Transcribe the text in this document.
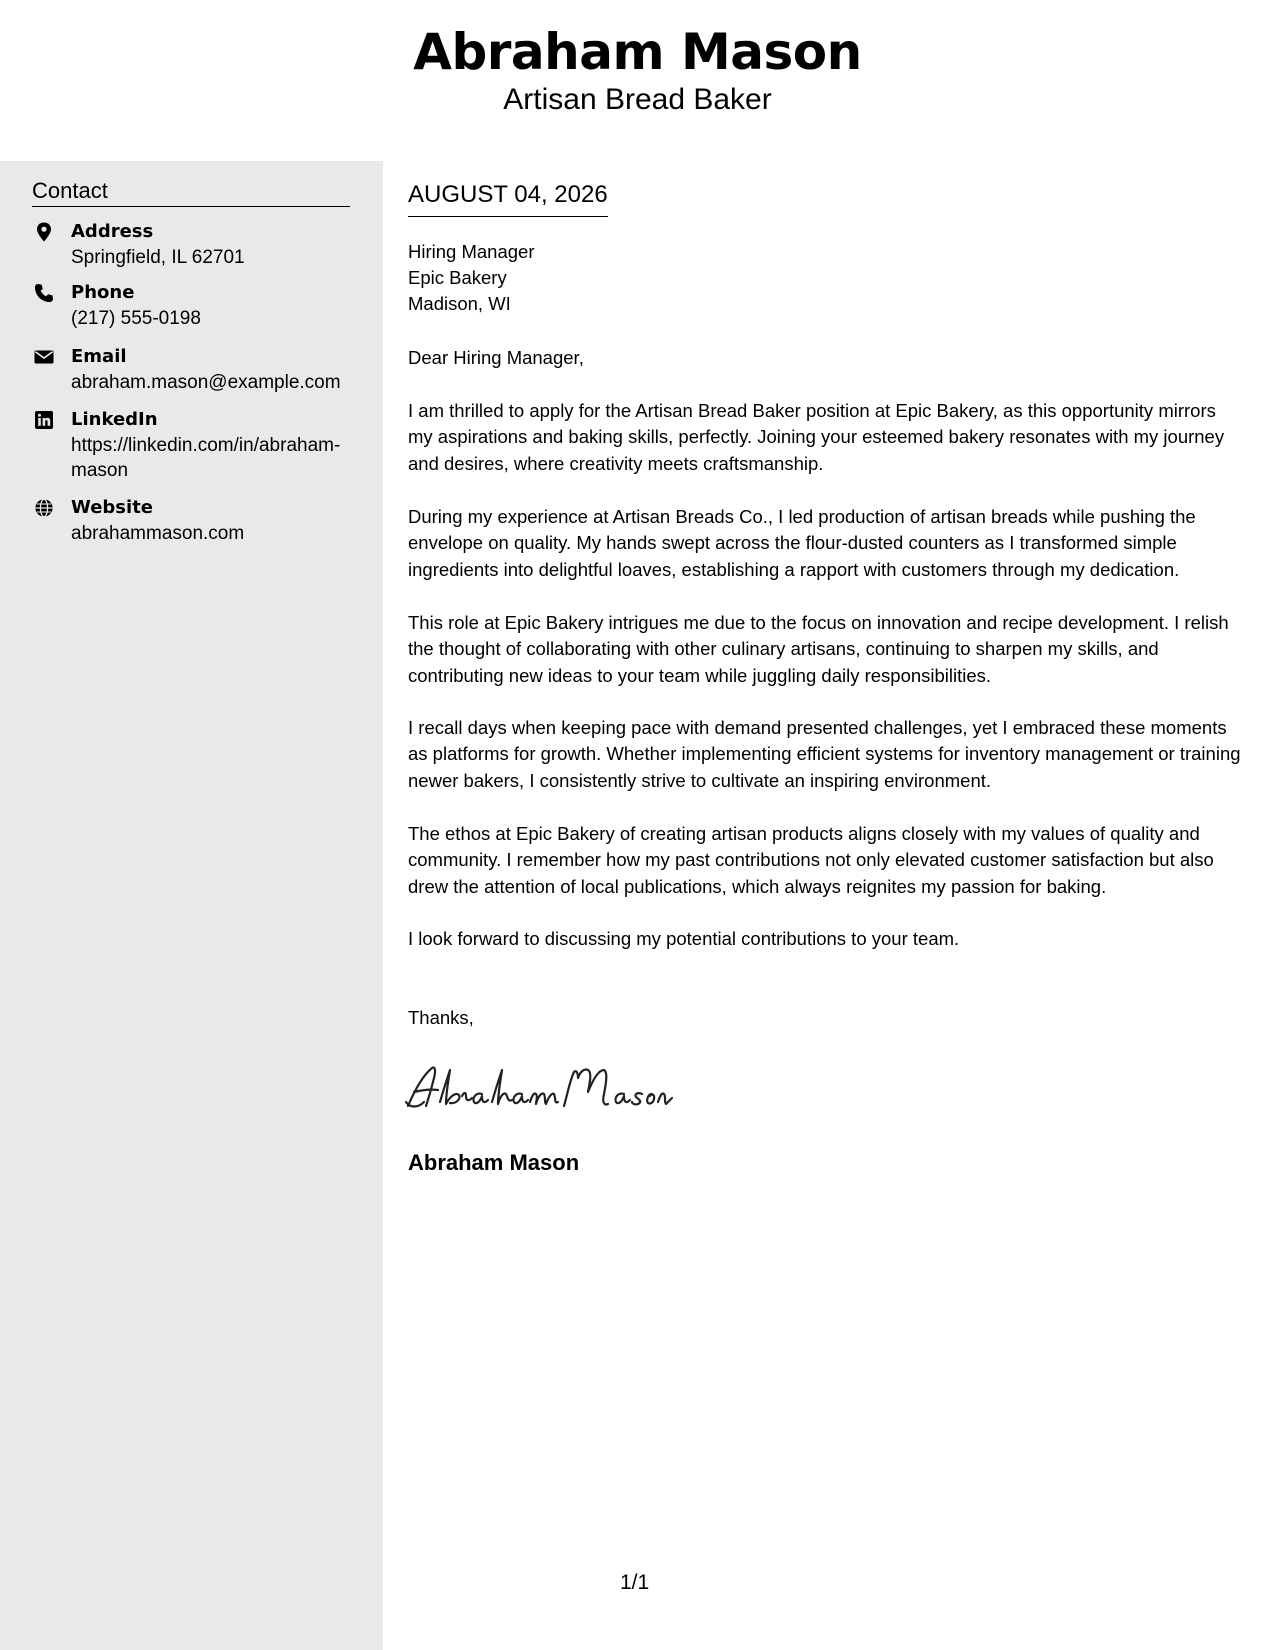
Abraham Mason
Artisan Bread Baker
Contact
Address
Springfield, IL 62701
Phone
(217) 555-0198
Email
abraham.mason@example.com
LinkedIn
https://linkedin.com/in/abraham-mason
Website
abrahammason.com
AUGUST 04, 2026
Hiring Manager
Epic Bakery
Madison, WI

Dear Hiring Manager,

I am thrilled to apply for the Artisan Bread Baker position at Epic Bakery, as this opportunity mirrors my aspirations and baking skills, perfectly. Joining your esteemed bakery resonates with my journey and desires, where creativity meets craftsmanship.

During my experience at Artisan Breads Co., I led production of artisan breads while pushing the envelope on quality. My hands swept across the flour-dusted counters as I transformed simple ingredients into delightful loaves, establishing a rapport with customers through my dedication.

This role at Epic Bakery intrigues me due to the focus on innovation and recipe development. I relish the thought of collaborating with other culinary artisans, continuing to sharpen my skills, and contributing new ideas to your team while juggling daily responsibilities.

I recall days when keeping pace with demand presented challenges, yet I embraced these moments as platforms for growth. Whether implementing efficient systems for inventory management or training newer bakers, I consistently strive to cultivate an inspiring environment.

The ethos at Epic Bakery of creating artisan products aligns closely with my values of quality and community. I remember how my past contributions not only elevated customer satisfaction but also drew the attention of local publications, which always reignites my passion for baking.

I look forward to discussing my potential contributions to your team.

Thanks,

Abraham Mason
1/1
